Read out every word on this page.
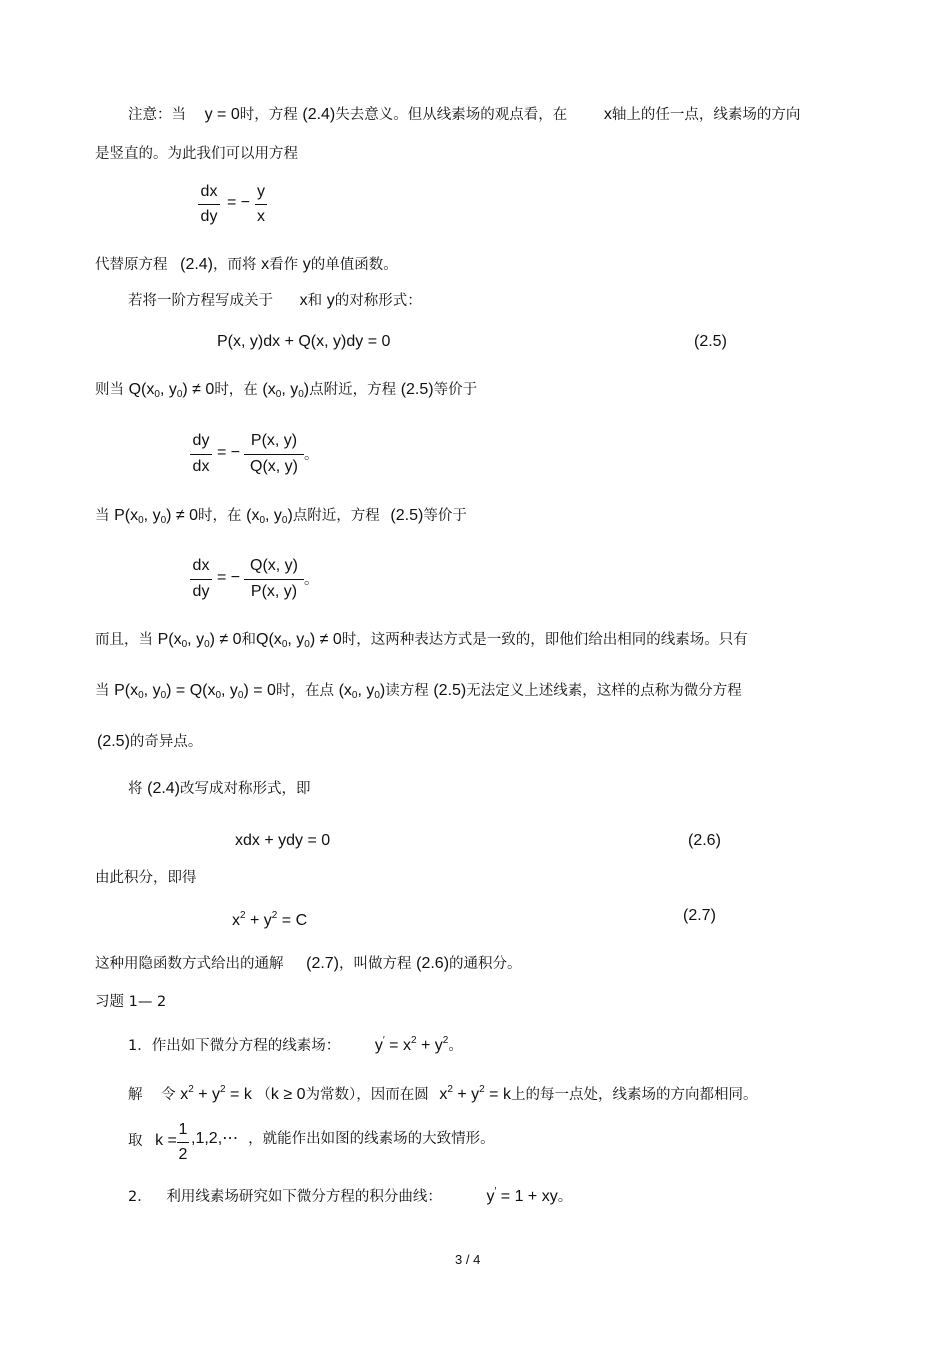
注意：当 y = 0时，方程 (2.4)失去意义。但从线素场的观点看，在 x轴上的任一点，线素场的方向
是竖直的。为此我们可以用方程
dx
dy
= −
y
x
代替原方程 (2.4)，而将 x看作 y的单值函数。
若将一阶方程写成关于 x和 y的对称形式：
P(x, y)dx + Q(x, y)dy = 0	(2.5)
则当 $Q(x_0$, $y_0) \ne 0$时，在 ($x_0$, $y_0$)点附近，方程 (2.5)等价于
dy
dx
= −
P(x, y)
Q(x, y)
。
当 $P(x_0$, $y_0) \ne 0$时，在 ($x_0$, $y_0$)点附近，方程 (2.5)等价于
dx
dy
= −
Q(x, y)
P(x, y)
。
而且，当 $P(x_0$, $y_0) \ne 0$和$Q(x_0$, $y_0) \ne 0$时，这两种表达方式是一致的，即他们给出相同的线素场。只有
当 $P(x_0$, $y_0) = Q(x_0$, $y_0) = 0$时，在点 ($x_0$, $y_0$)读方程 (2.5)无法定义上述线素，这样的点称为微分方程
(2.5)的奇异点。
将 (2.4)改写成对称形式，即
xdx + ydy = 0	(2.6)
由此积分，即得
$x^2 + y^2 = C$	(2.7)
这种用隐函数方式给出的通解 (2.7)，叫做方程 (2.6)的通积分。
习题 1— 2
1．作出如下微分方程的线素场： $y' = x^2 + y^2$。
解 令 $x^2 + y^2 = k$ （k ≥ 0为常数），因而在圆 $x^2 + y^2 = k$上的每一点处，线素场的方向都相同。
取 k =
1
2
,1,2,⋯ ，就能作出如图的线素场的大致情形。
2． 利用线素场研究如下微分方程的积分曲线：	y′ = 1 + xy。
3 / 4
